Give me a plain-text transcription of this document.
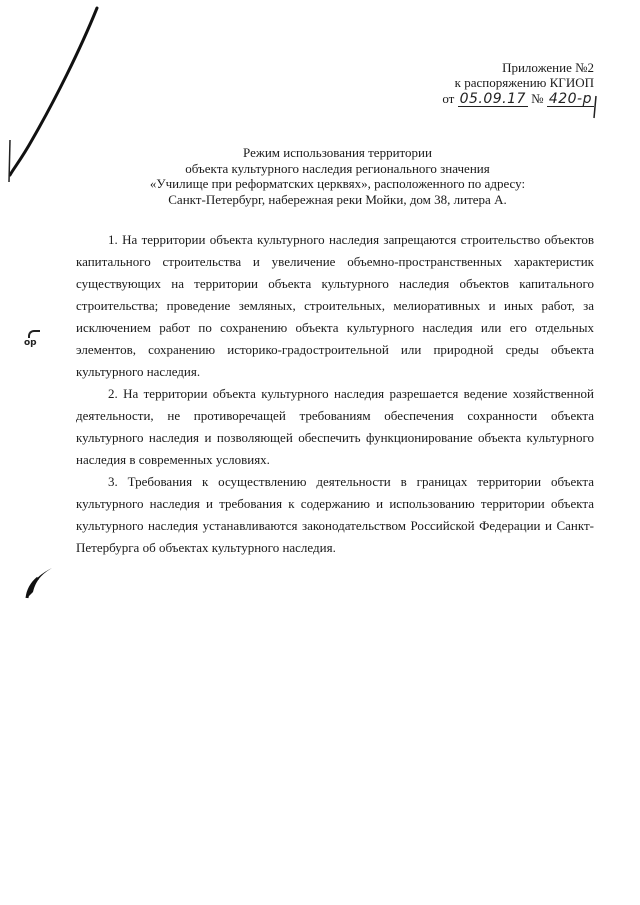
ор
Приложение №2
к распоряжению КГИОП
от 05.09.17 № 420-р
Режим использования территории
объекта культурного наследия регионального значения
«Училище при реформатских церквях», расположенного по адресу:
Санкт-Петербург, набережная реки Мойки, дом 38, литера А.

1. На территории объекта культурного наследия запрещаются строительство объектов капитального строительства и увеличение объемно-пространственных характеристик существующих на территории объекта культурного наследия объектов капитального строительства; проведение земляных, строительных, мелиоративных и иных работ, за исключением работ по сохранению объекта культурного наследия или его отдельных элементов, сохранению историко-градостроительной или природной среды объекта культурного наследия.

2. На территории объекта культурного наследия разрешается ведение хозяйственной деятельности, не противоречащей требованиям обеспечения сохранности объекта культурного наследия и позволяющей обеспечить функционирование объекта культурного наследия в современных условиях.

3. Требования к осуществлению деятельности в границах территории объекта культурного наследия и требования к содержанию и использованию территории объекта культурного наследия устанавливаются законодательством Российской Федерации и Санкт-Петербурга об объектах культурного наследия.
